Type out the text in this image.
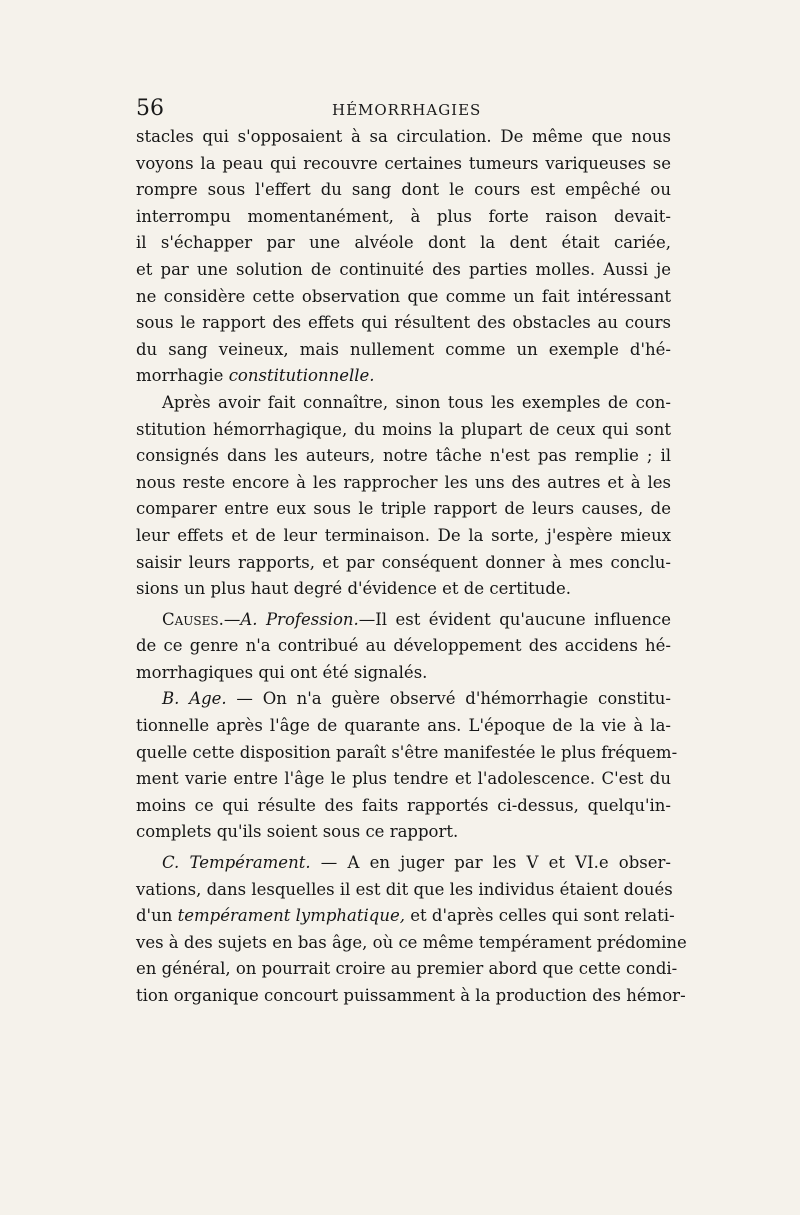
56	HÉMORRHAGIES
stacles qui s'opposaient à sa circulation. De même que nous
voyons la peau qui recouvre certaines tumeurs variqueuses se
rompre sous l'effert du sang dont le cours est empêché ou
interrompu momentanément, à plus forte raison devait-
il s'échapper par une alvéole dont la dent était cariée,
et par une solution de continuité des parties molles. Aussi je
ne considère cette observation que comme un fait intéressant
sous le rapport des effets qui résultent des obstacles au cours
du sang veineux, mais nullement comme un exemple d'hé-
morrhagie constitutionnelle.
Après avoir fait connaître, sinon tous les exemples de con-
stitution hémorrhagique, du moins la plupart de ceux qui sont
consignés dans les auteurs, notre tâche n'est pas remplie ; il
nous reste encore à les rapprocher les uns des autres et à les
comparer entre eux sous le triple rapport de leurs causes, de
leur effets et de leur terminaison. De la sorte, j'espère mieux
saisir leurs rapports, et par conséquent donner à mes conclu-
sions un plus haut degré d'évidence et de certitude.
Causes.—A. Profession.—Il est évident qu'aucune influence
de ce genre n'a contribué au développement des accidens hé-
morrhagiques qui ont été signalés.
B. Age. — On n'a guère observé d'hémorrhagie constitu-
tionnelle après l'âge de quarante ans. L'époque de la vie à la-
quelle cette disposition paraît s'être manifestée le plus fréquem-
ment varie entre l'âge le plus tendre et l'adolescence. C'est du
moins ce qui résulte des faits rapportés ci-dessus, quelqu'in-
complets qu'ils soient sous ce rapport.
C. Tempérament. — A en juger par les V et VI.e obser-
vations, dans lesquelles il est dit que les individus étaient doués
d'un tempérament lymphatique, et d'après celles qui sont relati-
ves à des sujets en bas âge, où ce même tempérament prédomine
en général, on pourrait croire au premier abord que cette condi-
tion organique concourt puissamment à la production des hémor-
